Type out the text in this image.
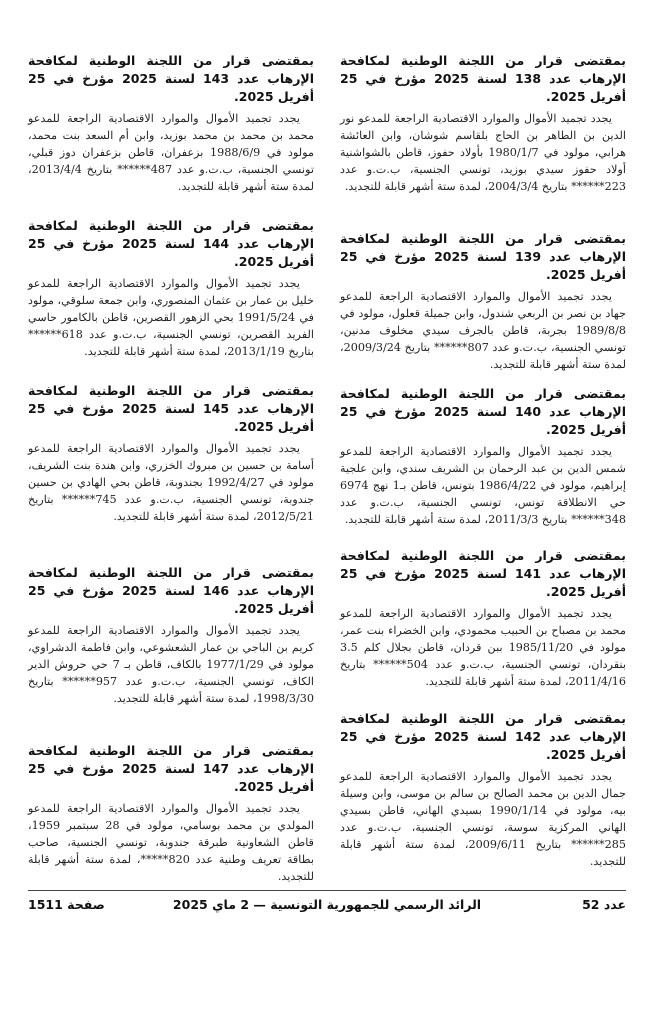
بمقتضى قرار من اللجنة الوطنية لمكافحة الإرهاب عدد 138 لسنة 2025 مؤرخ في 25 أفريل 2025.

يجدد تجميد الأموال والموارد الاقتصادية الراجعة للمدعو نور الدين بن الطاهر بن الحاج بلقاسم شوشان، وابن العائشة هرابي، مولود في 1980/1/7 بأولاد حفوز، قاطن بالشواشنية أولاد حفوز سيدي بوزيد، تونسي الجنسية، ب.ت.و عدد 223****** بتاريخ 2004/3/4، لمدة ستة أشهر قابلة للتجديد.

بمقتضى قرار من اللجنة الوطنية لمكافحة الإرهاب عدد 139 لسنة 2025 مؤرخ في 25 أفريل 2025.

يجدد تجميد الأموال والموارد الاقتصادية الراجعة للمدعو جهاد بن نصر بن الربعي شندول، وابن جميلة قعلول، مولود في 1989/8/8 بجربة، قاطن بالجرف سيدي مخلوف مدنين، تونسي الجنسية، ب.ت.و عدد 807****** بتاريخ 2009/3/24، لمدة ستة أشهر قابلة للتجديد.

بمقتضى قرار من اللجنة الوطنية لمكافحة الإرهاب عدد 140 لسنة 2025 مؤرخ في 25 أفريل 2025.

يجدد تجميد الأموال والموارد الاقتصادية الراجعة للمدعو شمس الدين بن عبد الرحمان بن الشريف سندي، وابن علجية إبراهيم، مولود في 1986/4/22 بتونس، قاطن بـ1 نهج 6974 حي الانطلاقة تونس، تونسي الجنسية، ب.ت.و عدد 348****** بتاريخ 2011/3/3، لمدة ستة أشهر قابلة للتجديد.

بمقتضى قرار من اللجنة الوطنية لمكافحة الإرهاب عدد 141 لسنة 2025 مؤرخ في 25 أفريل 2025.

يجدد تجميد الأموال والموارد الاقتصادية الراجعة للمدعو محمد بن مصباح بن الحبيب محمودي، وابن الخضراء بنت عمر، مولود في 1985/11/20 ببن قردان، قاطن بجلال كلم 3.5 بنقردان، تونسي الجنسية، ب.ت.و عدد 504****** بتاريخ 2011/4/16، لمدة ستة أشهر قابلة للتجديد.

بمقتضى قرار من اللجنة الوطنية لمكافحة الإرهاب عدد 142 لسنة 2025 مؤرخ في 25 أفريل 2025.

يجدد تجميد الأموال والموارد الاقتصادية الراجعة للمدعو جمال الدين بن محمد الصالح بن سالم بن موسى، وابن وسيلة بيه، مولود في 1990/1/14 بسيدي الهاني، قاطن بسيدي الهاني المركزية سوسة، تونسي الجنسية، ب.ت.و عدد 285****** بتاريخ 2009/6/11، لمدة ستة أشهر قابلة للتجديد.

بمقتضى قرار من اللجنة الوطنية لمكافحة الإرهاب عدد 143 لسنة 2025 مؤرخ في 25 أفريل 2025.

يجدد تجميد الأموال والموارد الاقتصادية الراجعة للمدعو محمد بن محمد بن محمد بوزيد، وابن أم السعد بنت محمد، مولود في 1988/6/9 بزعفران، قاطن بزعفران دوز قبلي، تونسي الجنسية، ب.ت.و عدد 487****** بتاريخ 2013/4/4، لمدة ستة أشهر قابلة للتجديد.

بمقتضى قرار من اللجنة الوطنية لمكافحة الإرهاب عدد 144 لسنة 2025 مؤرخ في 25 أفريل 2025.

يجدد تجميد الأموال والموارد الاقتصادية الراجعة للمدعو خليل بن عمار بن عثمان المنصوري، وابن جمعة سلوقي، مولود في 1991/5/24 بحي الزهور القصرين، قاطن بالكامور حاسي الفريد القصرين، تونسي الجنسية، ب.ت.و عدد 618****** بتاريخ 2013/1/19، لمدة ستة أشهر قابلة للتجديد.

بمقتضى قرار من اللجنة الوطنية لمكافحة الإرهاب عدد 145 لسنة 2025 مؤرخ في 25 أفريل 2025.

يجدد تجميد الأموال والموارد الاقتصادية الراجعة للمدعو أسامة بن حسين بن مبروك الخزري، وابن هندة بنت الشريف، مولود في 1992/4/27 بجندوبة، قاطن بحي الهادي بن حسين جندوبة، تونسي الجنسية، ب.ت.و عدد 745****** بتاريخ 2012/5/21، لمدة ستة أشهر قابلة للتجديد.

بمقتضى قرار من اللجنة الوطنية لمكافحة الإرهاب عدد 146 لسنة 2025 مؤرخ في 25 أفريل 2025.

يجدد تجميد الأموال والموارد الاقتصادية الراجعة للمدعو كريم بن الباجي بن عمار الشعشوعي، وابن فاطمة الدشراوي، مولود في 1977/1/29 بالكاف، قاطن بـ 7 حي حروش الدير الكاف، تونسي الجنسية، ب.ت.و عدد 957****** بتاريخ 1998/3/30، لمدة ستة أشهر قابلة للتجديد.

بمقتضى قرار من اللجنة الوطنية لمكافحة الإرهاب عدد 147 لسنة 2025 مؤرخ في 25 أفريل 2025.

يجدد تجميد الأموال والموارد الاقتصادية الراجعة للمدعو المولدي بن محمد بوسامي، مولود في 28 سبتمبر 1959، قاطن الشعاونية طبرقة جندوبة، تونسي الجنسية، صاحب بطاقة تعريف وطنية عدد 820*****، لمدة ستة أشهر قابلة للتجديد.

عدد 52
الرائد الرسمي للجمهورية التونسية — 2 ماي 2025
صفحة 1511
